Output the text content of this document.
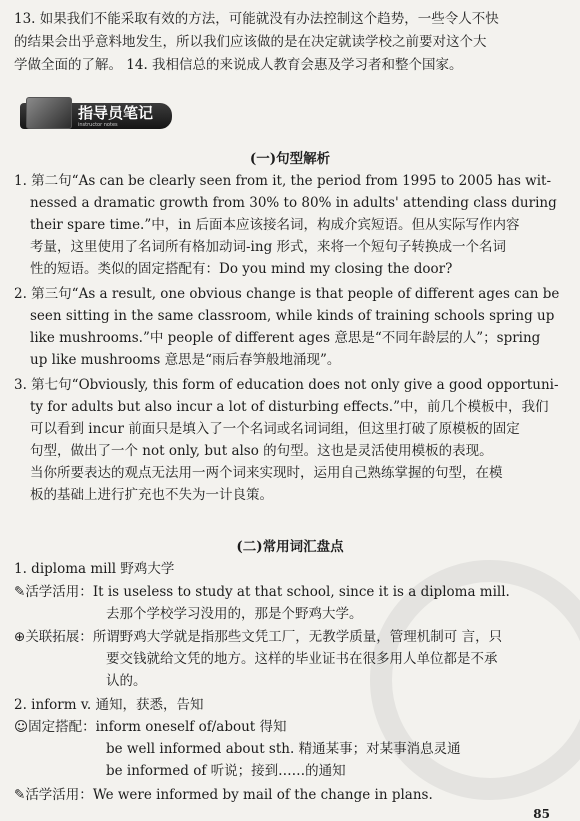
13. 如果我们不能采取有效的方法，可能就没有办法控制这个趋势，一些令人不快
的结果会出乎意料地发生，所以我们应该做的是在决定就读学校之前要对这个大
学做全面的了解。 14. 我相信总的来说成人教育会惠及学习者和整个国家。
指导员笔记
instructor notes
(一)句型解析
1. 第二句“As can be clearly seen from it, the period from 1995 to 2005 has wit-
nessed a dramatic growth from 30% to 80% in adults' attending class during
their spare time.”中，in 后面本应该接名词，构成介宾短语。但从实际写作内容
考量，这里使用了名词所有格加动词-ing 形式，来将一个短句子转换成一个名词
性的短语。类似的固定搭配有：Do you mind my closing the door?
2. 第三句“As a result, one obvious change is that people of different ages can be
seen sitting in the same classroom, while kinds of training schools spring up
like mushrooms.”中 people of different ages 意思是“不同年龄层的人”；spring
up like mushrooms 意思是“雨后春笋般地涌现”。
3. 第七句“Obviously, this form of education does not only give a good opportuni-
ty for adults but also incur a lot of disturbing effects.”中，前几个模板中，我们
可以看到 incur 前面只是填入了一个名词或名词词组，但这里打破了原模板的固定
句型，做出了一个 not only, but also 的句型。这也是灵活使用模板的表现。
当你所要表达的观点无法用一两个词来实现时，运用自己熟练掌握的句型，在模
板的基础上进行扩充也不失为一计良策。
(二)常用词汇盘点
1. diploma mill 野鸡大学
✎活学活用：It is useless to study at that school, since it is a diploma mill.
去那个学校学习没用的，那是个野鸡大学。
⊕关联拓展：所谓野鸡大学就是指那些文凭工厂，无教学质量，管理机制可 言，只
要交钱就给文凭的地方。这样的毕业证书在很多用人单位都是不承
认的。
2. inform v. 通知，获悉，告知
☺固定搭配：inform oneself of/about 得知
be well informed about sth. 精通某事；对某事消息灵通
be informed of 听说；接到……的通知
✎活学活用：We were informed by mail of the change in plans.
85
